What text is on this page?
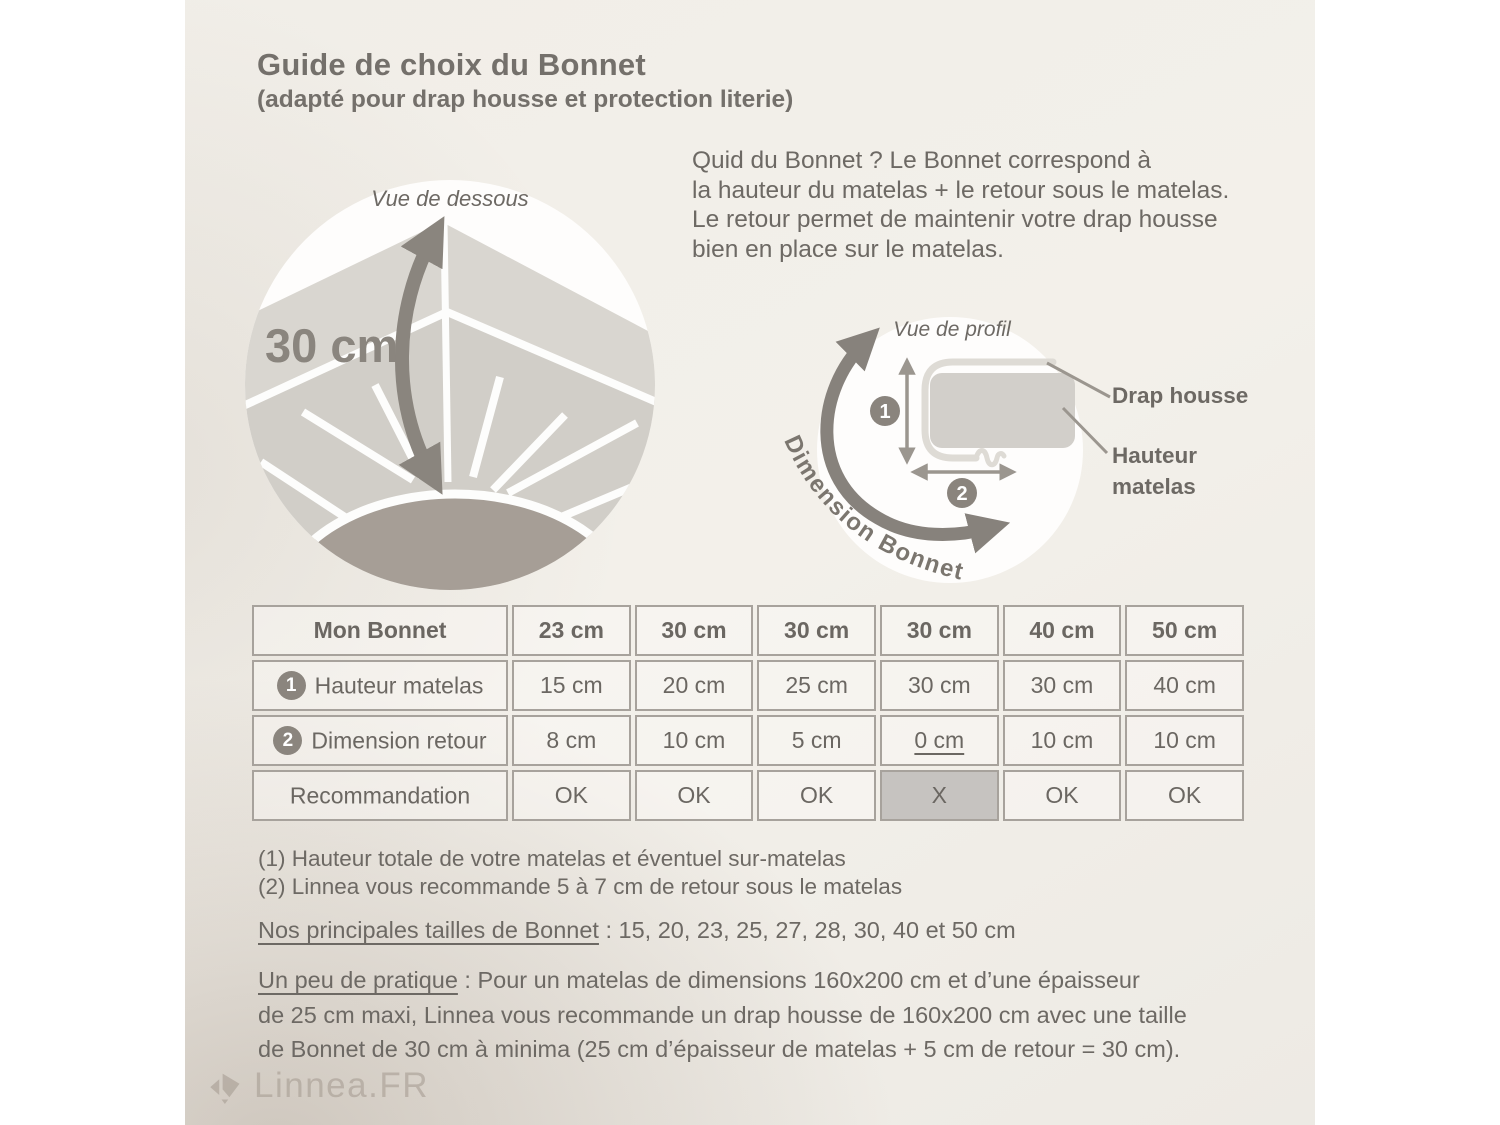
Guide de choix du Bonnet
(adapté pour drap housse et protection literie)
Quid du Bonnet ? Le Bonnet correspond à
la hauteur du matelas + le retour sous le matelas.
Le retour permet de maintenir votre drap housse
bien en place sur le matelas.
Vue de dessous
30 cm
1
2
Vue de profil
Dimension Bonnet
Drap housse
Hauteur
matelas
Mon Bonnet	23 cm	30 cm	30 cm	30 cm	40 cm	50 cm
1 Hauteur matelas	15 cm	20 cm	25 cm	30 cm	30 cm	40 cm
2 Dimension retour	8 cm	10 cm	5 cm	0 cm	10 cm	10 cm
Recommandation	OK	OK	OK	X	OK	OK
(1) Hauteur totale de votre matelas et éventuel sur-matelas
(2) Linnea vous recommande 5 à 7 cm de retour sous le matelas
Nos principales tailles de Bonnet : 15, 20, 23, 25, 27, 28, 30, 40 et 50 cm
Un peu de pratique : Pour un matelas de dimensions 160x200 cm et d’une épaisseur
de 25 cm maxi, Linnea vous recommande un drap housse de 160x200 cm avec une taille
de Bonnet de 30 cm à minima (25 cm d’épaisseur de matelas + 5 cm de retour = 30 cm).
Linnea.FR
